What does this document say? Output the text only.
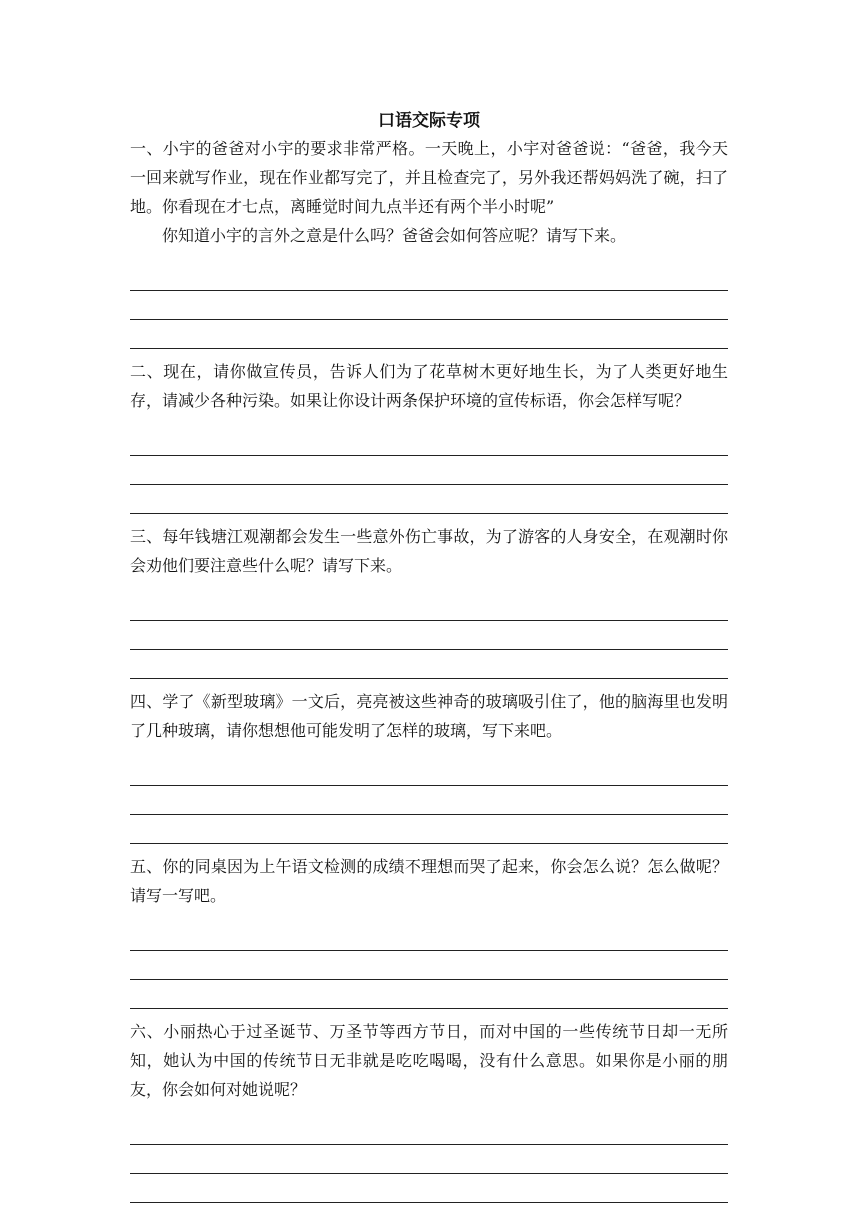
口语交际专项

一、小宇的爸爸对小宇的要求非常严格。一天晚上，小宇对爸爸说：“爸爸，我今天一回来就写作业，现在作业都写完了，并且检查完了，另外我还帮妈妈洗了碗，扫了地。你看现在才七点，离睡觉时间九点半还有两个半小时呢”

你知道小宇的言外之意是什么吗？爸爸会如何答应呢？请写下来。

二、现在，请你做宣传员，告诉人们为了花草树木更好地生长，为了人类更好地生存，请减少各种污染。如果让你设计两条保护环境的宣传标语，你会怎样写呢？

三、每年钱塘江观潮都会发生一些意外伤亡事故，为了游客的人身安全，在观潮时你会劝他们要注意些什么呢？请写下来。

四、学了《新型玻璃》一文后，亮亮被这些神奇的玻璃吸引住了，他的脑海里也发明了几种玻璃，请你想想他可能发明了怎样的玻璃，写下来吧。

五、你的同桌因为上午语文检测的成绩不理想而哭了起来，你会怎么说？怎么做呢？请写一写吧。

六、小丽热心于过圣诞节、万圣节等西方节日，而对中国的一些传统节日却一无所知，她认为中国的传统节日无非就是吃吃喝喝，没有什么意思。如果你是小丽的朋友，你会如何对她说呢？
